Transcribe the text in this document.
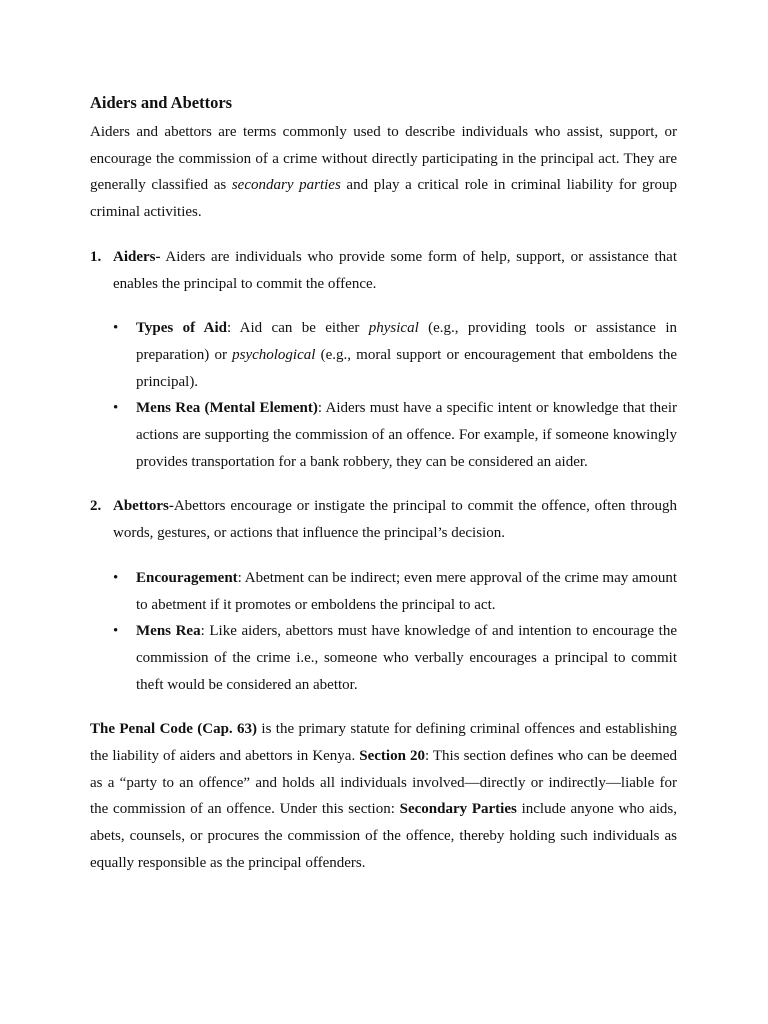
Aiders and Abettors

Aiders and abettors are terms commonly used to describe individuals who assist, support, or encourage the commission of a crime without directly participating in the principal act. They are generally classified as secondary parties and play a critical role in criminal liability for group criminal activities.

1. Aiders- Aiders are individuals who provide some form of help, support, or assistance that enables the principal to commit the offence.
• Types of Aid: Aid can be either physical (e.g., providing tools or assistance in preparation) or psychological (e.g., moral support or encouragement that emboldens the principal).
• Mens Rea (Mental Element): Aiders must have a specific intent or knowledge that their actions are supporting the commission of an offence. For example, if someone knowingly provides transportation for a bank robbery, they can be considered an aider.
2. Abettors-Abettors encourage or instigate the principal to commit the offence, often through words, gestures, or actions that influence the principal’s decision.
• Encouragement: Abetment can be indirect; even mere approval of the crime may amount to abetment if it promotes or emboldens the principal to act.
• Mens Rea: Like aiders, abettors must have knowledge of and intention to encourage the commission of the crime i.e., someone who verbally encourages a principal to commit theft would be considered an abettor.

The Penal Code (Cap. 63) is the primary statute for defining criminal offences and establishing the liability of aiders and abettors in Kenya. Section 20: This section defines who can be deemed as a “party to an offence” and holds all individuals involved—directly or indirectly—liable for the commission of an offence. Under this section: Secondary Parties include anyone who aids, abets, counsels, or procures the commission of the offence, thereby holding such individuals as equally responsible as the principal offenders.
